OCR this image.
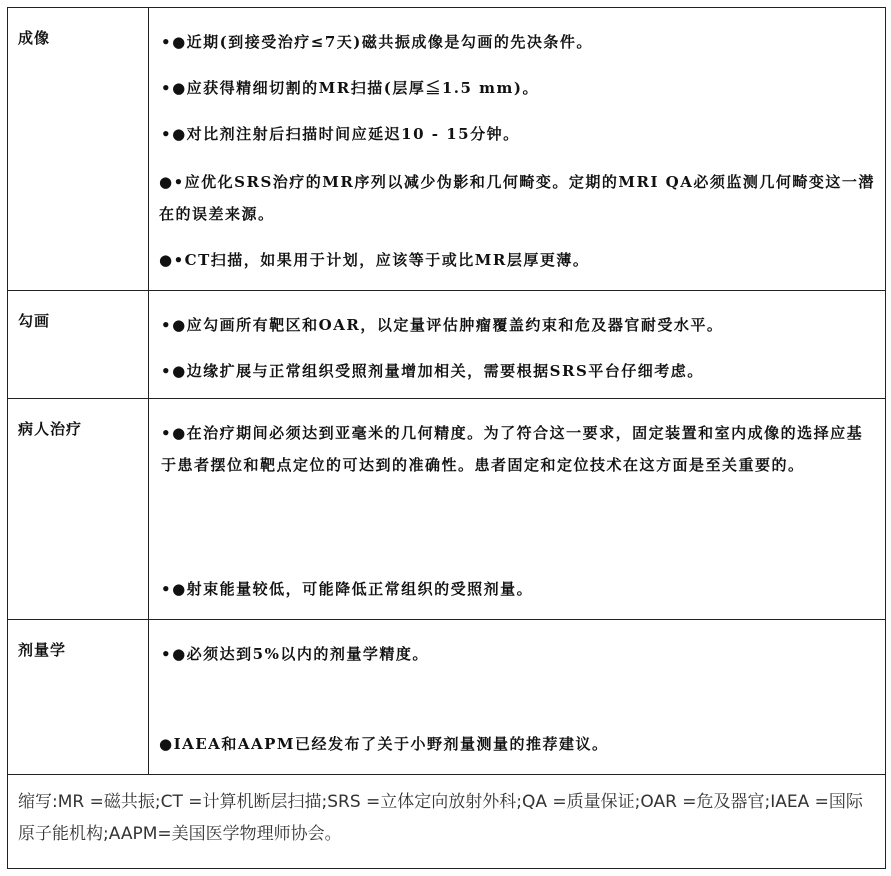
成像	•●近期(到接受治疗≤7天)磁共振成像是勾画的先决条件。
•●应获得精细切割的MR扫描(层厚≦1.5 mm)。
•●对比剂注射后扫描时间应延迟10 - 15分钟。
●•应优化SRS治疗的MR序列以减少伪影和几何畸变。定期的MRI QA必须监测几何畸变这一潜在的误差来源。
●•CT扫描，如果用于计划，应该等于或比MR层厚更薄。
勾画	•●应勾画所有靶区和OAR，以定量评估肿瘤覆盖约束和危及器官耐受水平。
•●边缘扩展与正常组织受照剂量增加相关，需要根据SRS平台仔细考虑。
病人治疗	•●在治疗期间必须达到亚毫米的几何精度。为了符合这一要求，固定装置和室内成像的选择应基于患者摆位和靶点定位的可达到的准确性。患者固定和定位技术在这方面是至关重要的。
•●射束能量较低，可能降低正常组织的受照剂量。
剂量学	•●必须达到5%以内的剂量学精度。
●IAEA和AAPM已经发布了关于小野剂量测量的推荐建议。
缩写:MR =磁共振;CT =计算机断层扫描;SRS =立体定向放射外科;QA =质量保证;OAR =危及器官;IAEA =国际原子能机构;AAPM=美国医学物理师协会。
